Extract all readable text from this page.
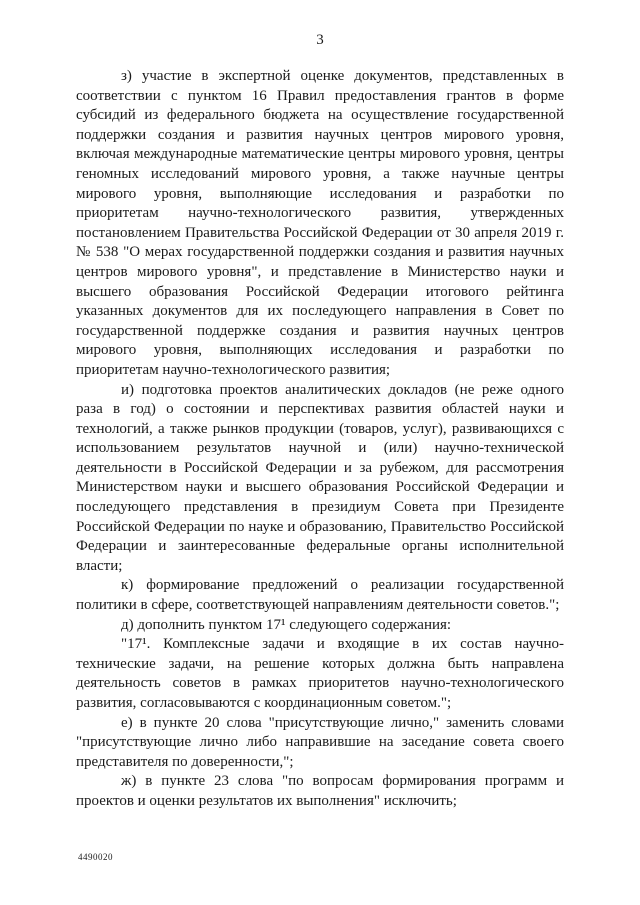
3

з) участие в экспертной оценке документов, представленных в соответствии с пунктом 16 Правил предоставления грантов в форме субсидий из федерального бюджета на осуществление государственной поддержки создания и развития научных центров мирового уровня, включая международные математические центры мирового уровня, центры геномных исследований мирового уровня, а также научные центры мирового уровня, выполняющие исследования и разработки по приоритетам научно-технологического развития, утвержденных постановлением Правительства Российской Федерации от 30 апреля 2019 г. № 538 "О мерах государственной поддержки создания и развития научных центров мирового уровня", и представление в Министерство науки и высшего образования Российской Федерации итогового рейтинга указанных документов для их последующего направления в Совет по государственной поддержке создания и развития научных центров мирового уровня, выполняющих исследования и разработки по приоритетам научно-технологического развития;

и) подготовка проектов аналитических докладов (не реже одного раза в год) о состоянии и перспективах развития областей науки и технологий, а также рынков продукции (товаров, услуг), развивающихся с использованием результатов научной и (или) научно-технической деятельности в Российской Федерации и за рубежом, для рассмотрения Министерством науки и высшего образования Российской Федерации и последующего представления в президиум Совета при Президенте Российской Федерации по науке и образованию, Правительство Российской Федерации и заинтересованные федеральные органы исполнительной власти;

к) формирование предложений о реализации государственной политики в сфере, соответствующей направлениям деятельности советов.";

д) дополнить пунктом 17¹ следующего содержания:

"17¹. Комплексные задачи и входящие в их состав научно-технические задачи, на решение которых должна быть направлена деятельность советов в рамках приоритетов научно-технологического развития, согласовываются с координационным советом.";

е) в пункте 20 слова "присутствующие лично," заменить словами "присутствующие лично либо направившие на заседание совета своего представителя по доверенности,";

ж) в пункте 23 слова "по вопросам формирования программ и проектов и оценки результатов их выполнения" исключить;

4490020
